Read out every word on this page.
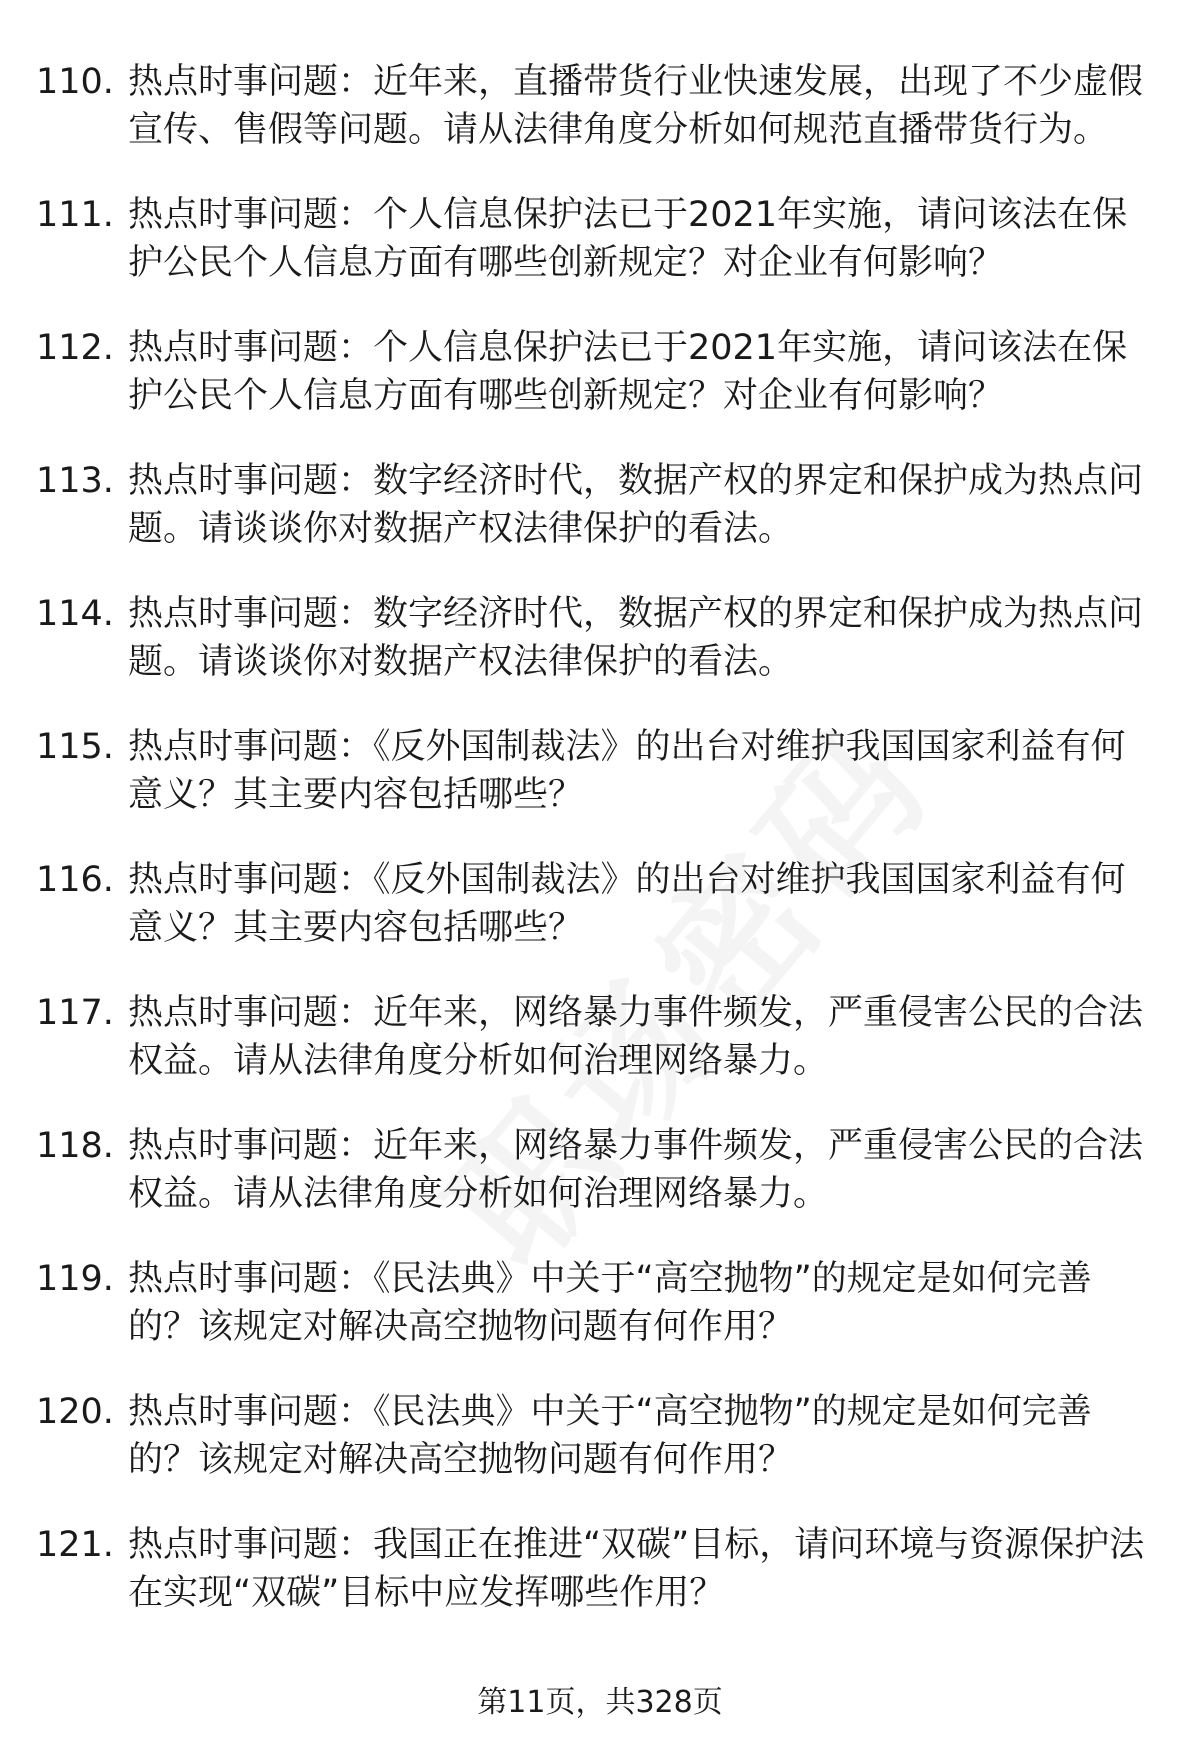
110. 热点时事问题：近年来，直播带货行业快速发展，出现了不少虚假宣传、售假等问题。请从法律角度分析如何规范直播带货行为。
111. 热点时事问题：个人信息保护法已于2021年实施，请问该法在保护公民个人信息方面有哪些创新规定？对企业有何影响？
112. 热点时事问题：个人信息保护法已于2021年实施，请问该法在保护公民个人信息方面有哪些创新规定？对企业有何影响？
113. 热点时事问题：数字经济时代，数据产权的界定和保护成为热点问题。请谈谈你对数据产权法律保护的看法。
114. 热点时事问题：数字经济时代，数据产权的界定和保护成为热点问题。请谈谈你对数据产权法律保护的看法。
115. 热点时事问题：《反外国制裁法》的出台对维护我国国家利益有何意义？其主要内容包括哪些？
116. 热点时事问题：《反外国制裁法》的出台对维护我国国家利益有何意义？其主要内容包括哪些？
117. 热点时事问题：近年来，网络暴力事件频发，严重侵害公民的合法权益。请从法律角度分析如何治理网络暴力。
118. 热点时事问题：近年来，网络暴力事件频发，严重侵害公民的合法权益。请从法律角度分析如何治理网络暴力。
119. 热点时事问题：《民法典》中关于“高空抛物”的规定是如何完善的？该规定对解决高空抛物问题有何作用？
120. 热点时事问题：《民法典》中关于“高空抛物”的规定是如何完善的？该规定对解决高空抛物问题有何作用？
121. 热点时事问题：我国正在推进“双碳”目标，请问环境与资源保护法在实现“双碳”目标中应发挥哪些作用？
第11页，共328页
